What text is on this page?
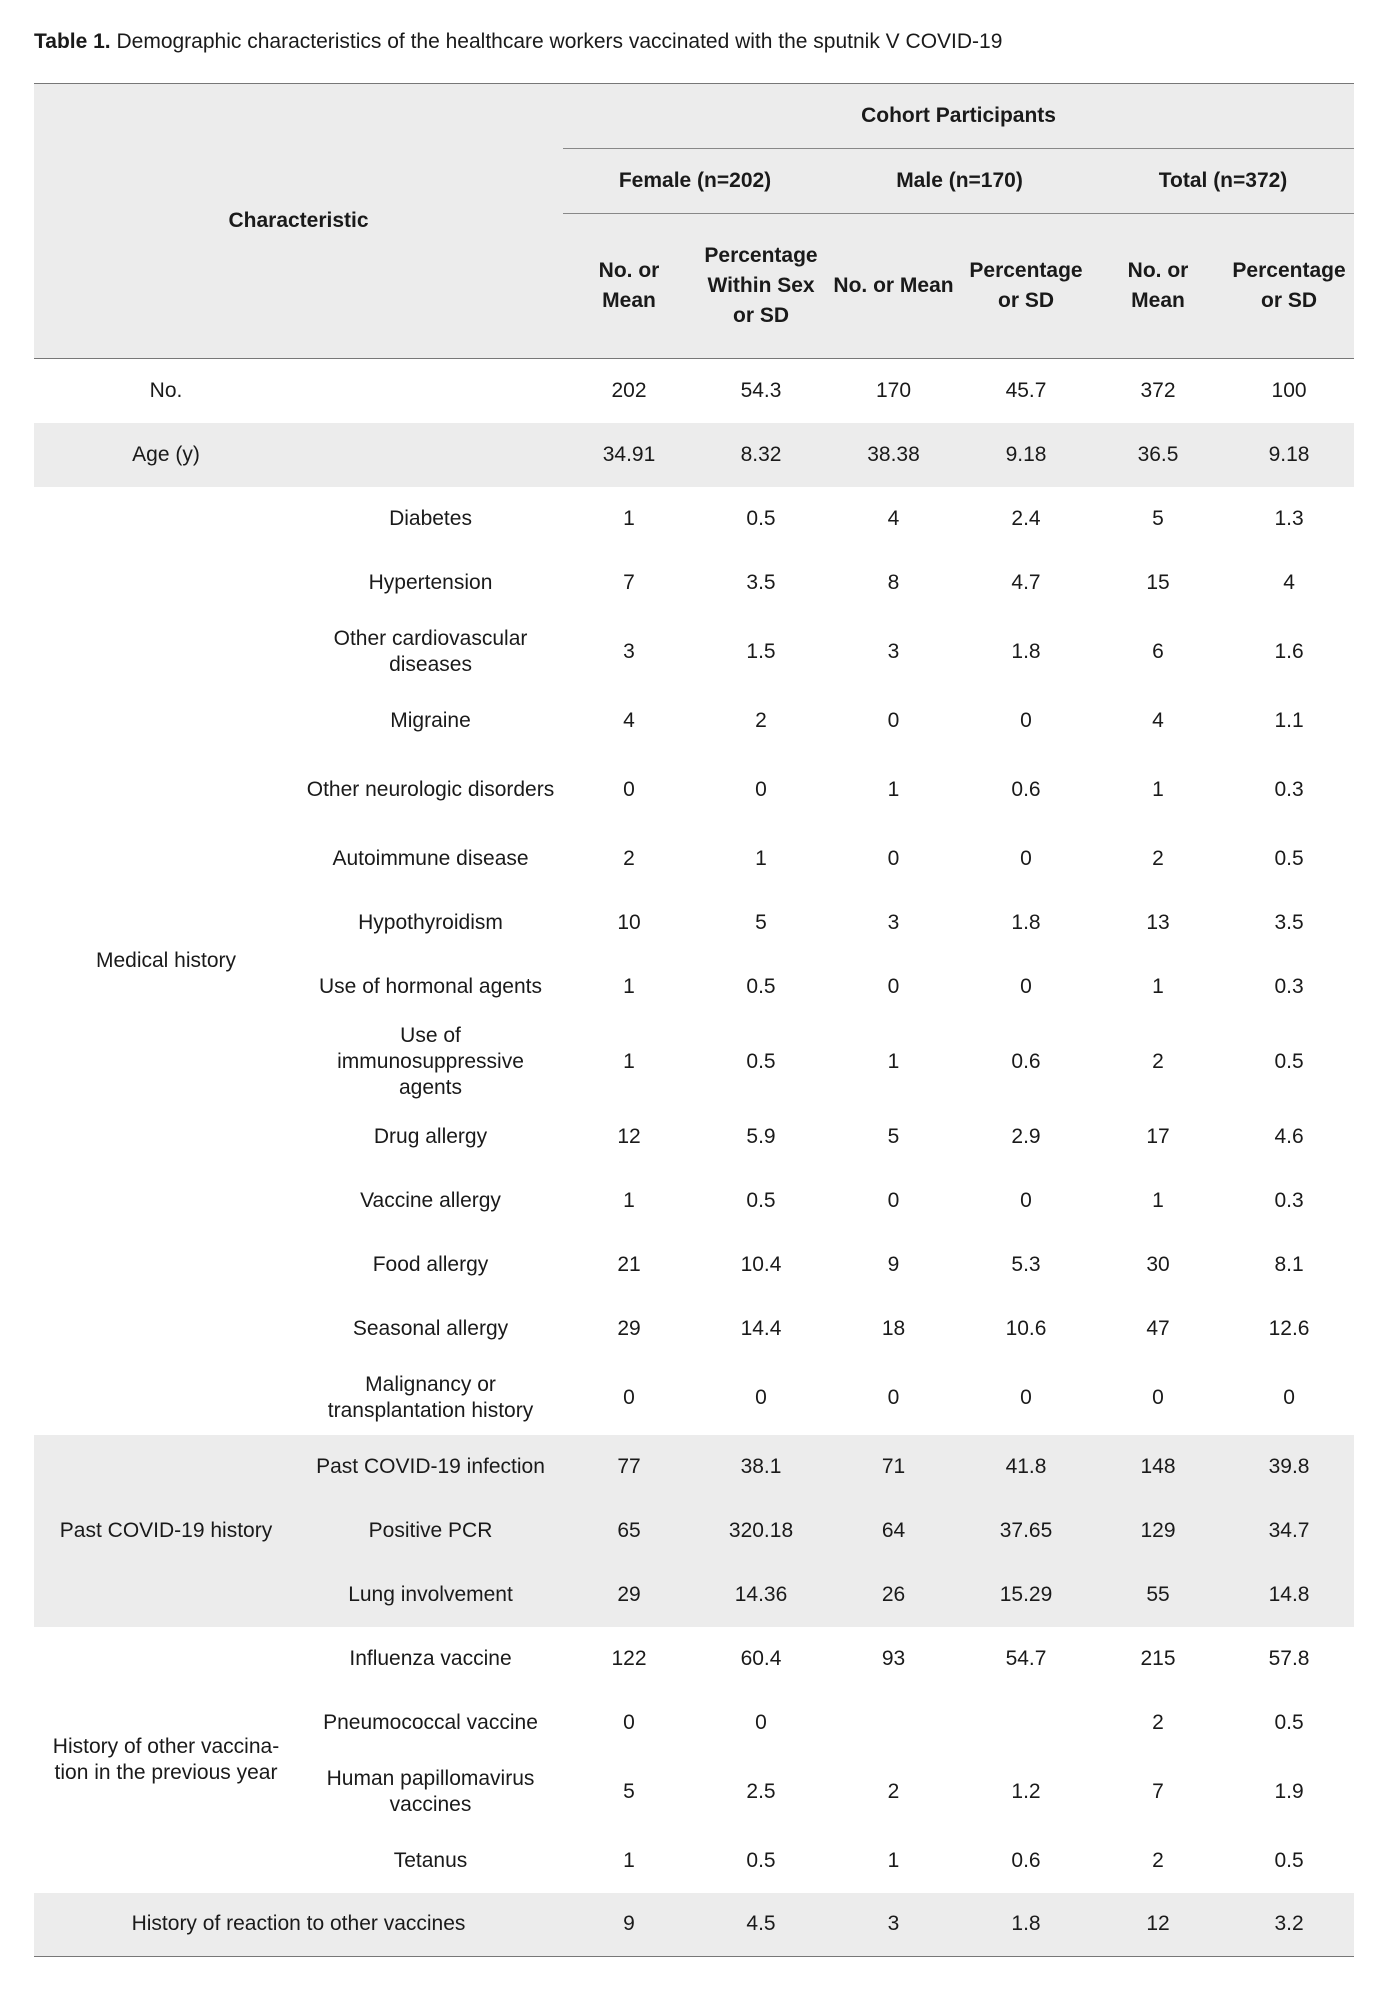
Table 1. Demographic characteristics of the healthcare workers vaccinated with the sputnik V COVID-19
Characteristic		Cohort Participants					
		Female (n=202)		Male (n=170)		Total (n=372)	
		No. or Mean	Percentage Within Sex or SD	No. or Mean	Percentage or SD	No. or Mean	Percentage or SD
No.		202	54.3	170	45.7	372	100
Age (y)		34.91	8.32	38.38	9.18	36.5	9.18
Medical history	Diabetes	1	0.5	4	2.4	5	1.3
	Hypertension	7	3.5	8	4.7	15	4
	Other cardiovascular diseases	3	1.5	3	1.8	6	1.6
	Migraine	4	2	0	0	4	1.1
	Other neurologic disorders	0	0	1	0.6	1	0.3
	Autoimmune disease	2	1	0	0	2	0.5
	Hypothyroidism	10	5	3	1.8	13	3.5
	Use of hormonal agents	1	0.5	0	0	1	0.3
	Use of immunosuppressive agents	1	0.5	1	0.6	2	0.5
	Drug allergy	12	5.9	5	2.9	17	4.6
	Vaccine allergy	1	0.5	0	0	1	0.3
	Food allergy	21	10.4	9	5.3	30	8.1
	Seasonal allergy	29	14.4	18	10.6	47	12.6
	Malignancy or transplantation history	0	0	0	0	0	0
Past COVID-19 history	Past COVID-19 infection	77	38.1	71	41.8	148	39.8
	Positive PCR	65	320.18	64	37.65	129	34.7
	Lung involvement	29	14.36	26	15.29	55	14.8
History of other vaccina-tion in the previous year	Influenza vaccine	122	60.4	93	54.7	215	57.8
	Pneumococcal vaccine	0	0			2	0.5
	Human papillomavirus vaccines	5	2.5	2	1.2	7	1.9
	Tetanus	1	0.5	1	0.6	2	0.5
History of reaction to other vaccines		9	4.5	3	1.8	12	3.2
